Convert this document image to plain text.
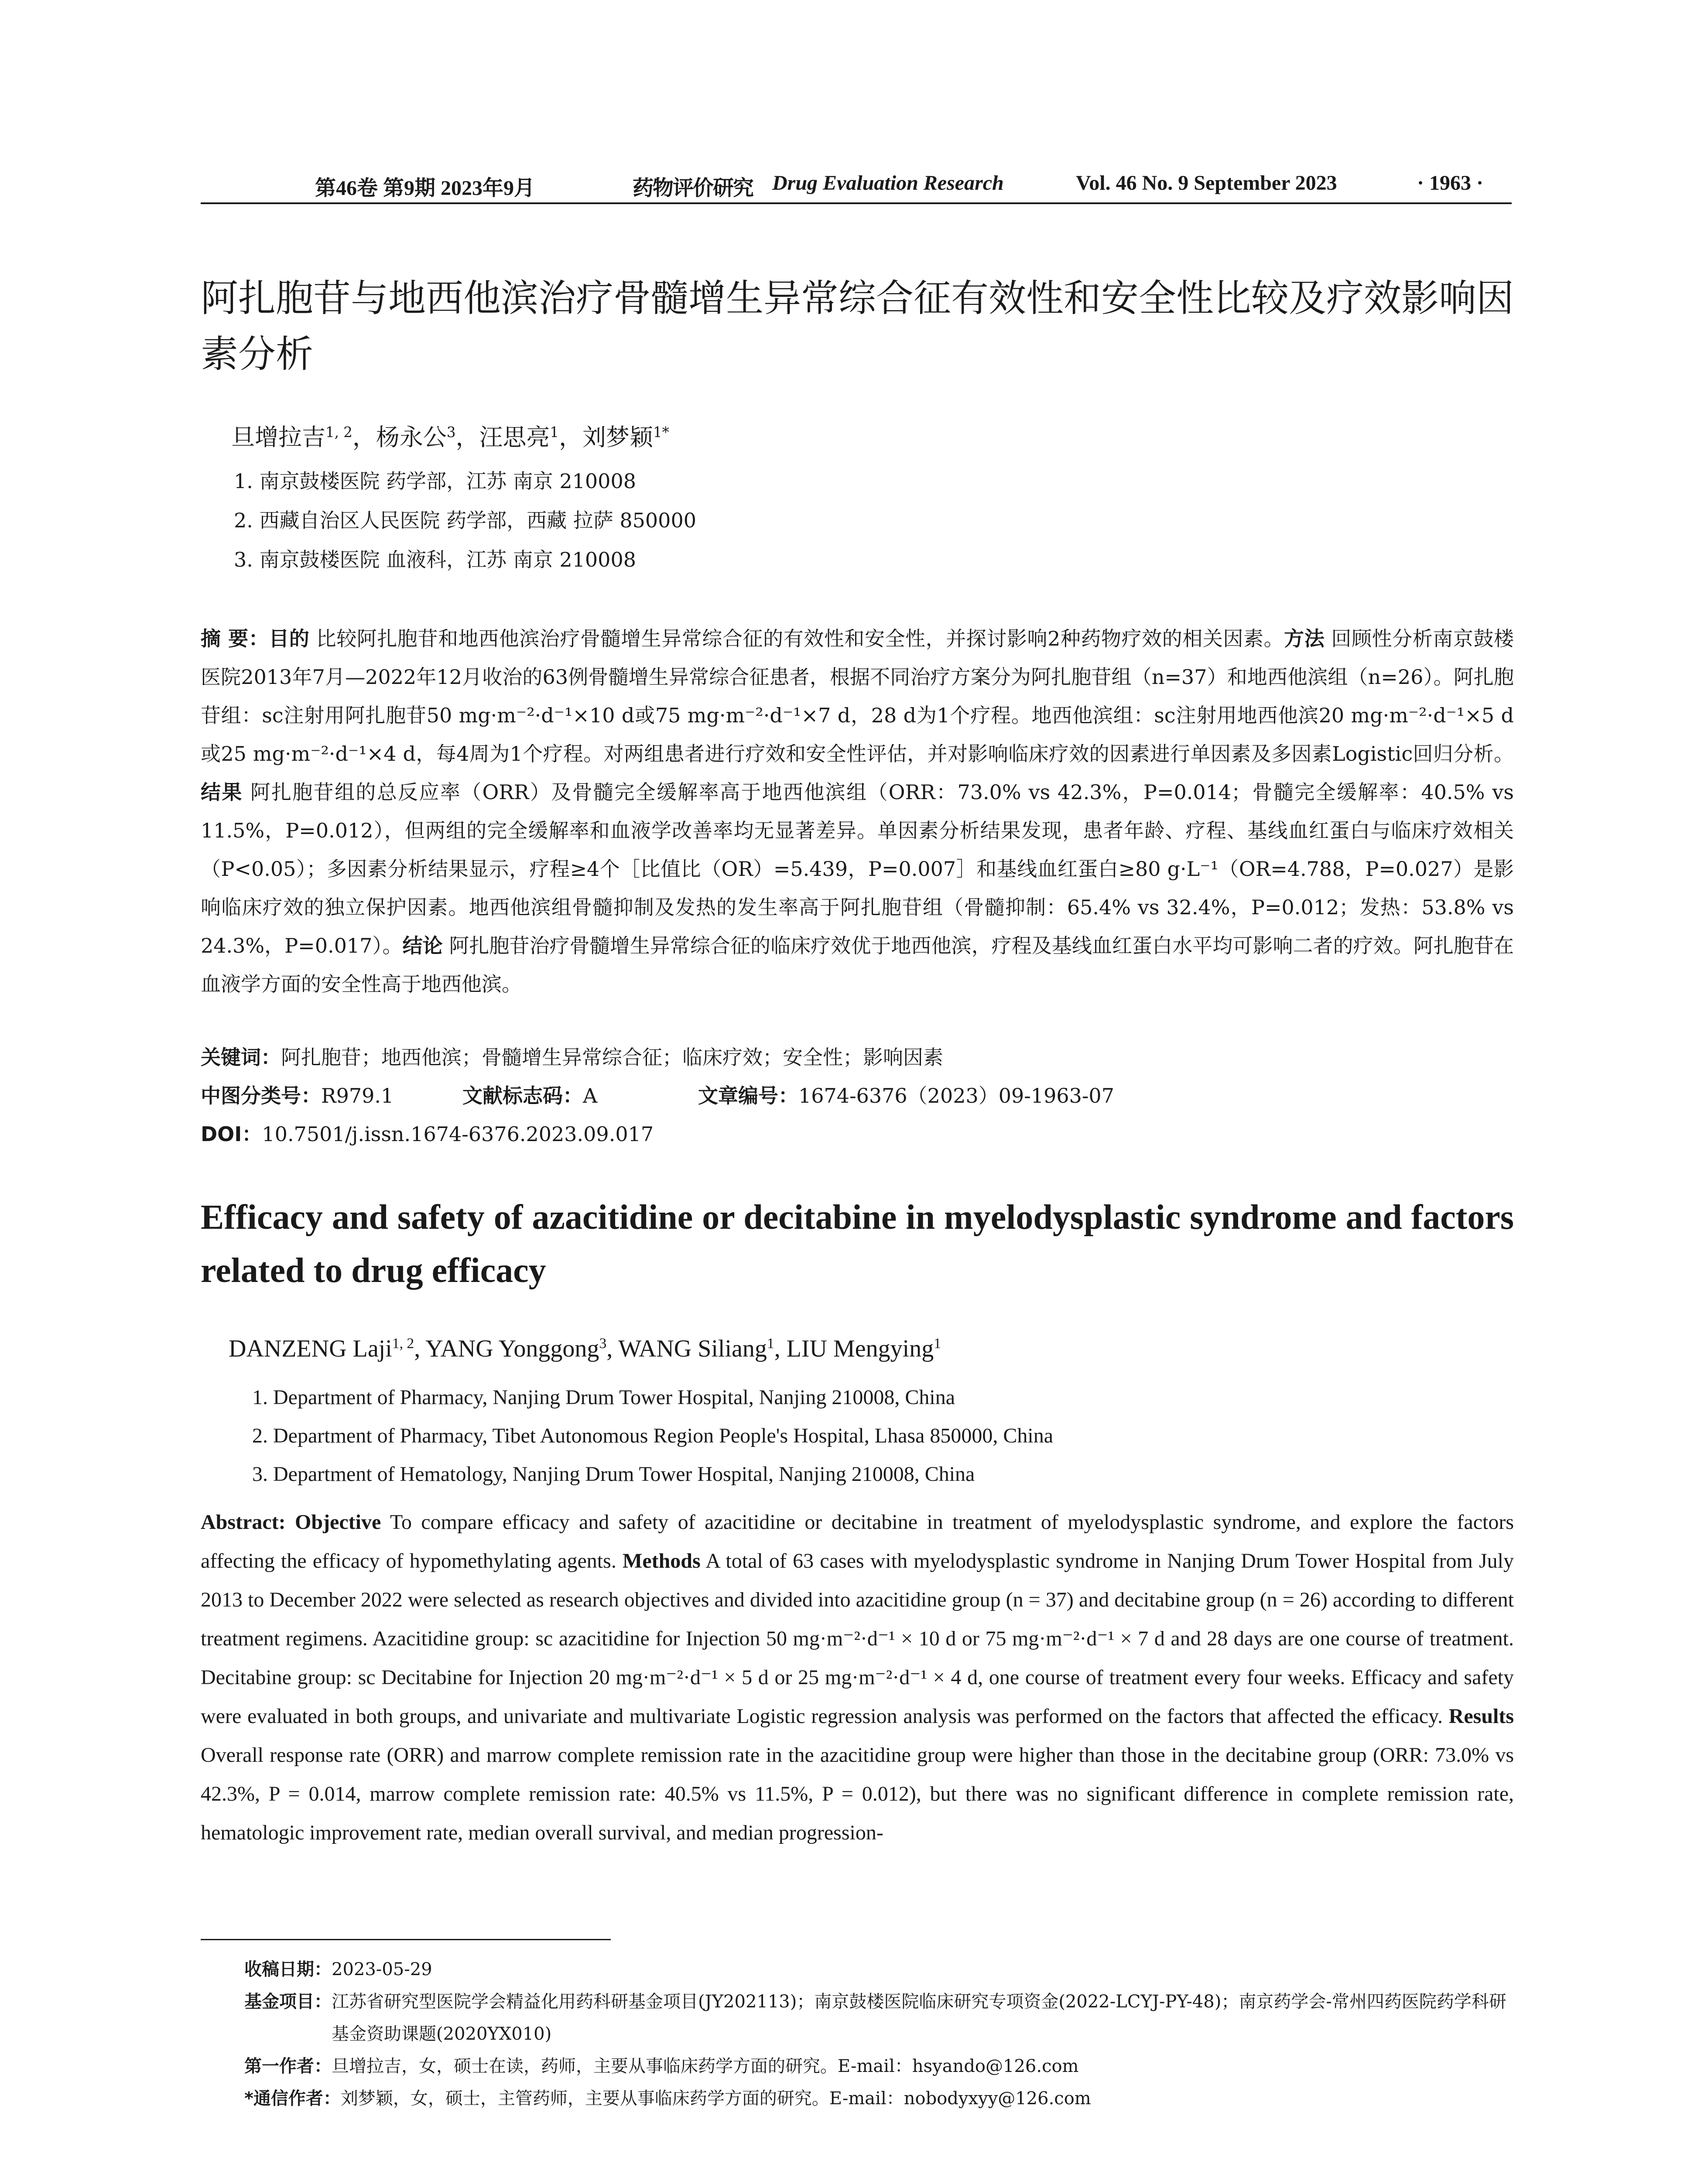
第46卷 第9期 2023年9月	药物评价研究 Drug Evaluation Research	Vol. 46 No. 9 September 2023	· 1963 ·
阿扎胞苷与地西他滨治疗骨髓增生异常综合征有效性和安全性比较及疗效影响因素分析
旦增拉吉$^{1, 2}$，杨永公$^3$，汪思亮$^1$，刘梦颖$^{1*}$
1. 南京鼓楼医院 药学部，江苏 南京 210008
2. 西藏自治区人民医院 药学部，西藏 拉萨 850000
3. 南京鼓楼医院 血液科，江苏 南京 210008
摘 要：目的 比较阿扎胞苷和地西他滨治疗骨髓增生异常综合征的有效性和安全性，并探讨影响2种药物疗效的相关因素。方法 回顾性分析南京鼓楼医院2013年7月—2022年12月收治的63例骨髓增生异常综合征患者，根据不同治疗方案分为阿扎胞苷组（n=37）和地西他滨组（n=26）。阿扎胞苷组：sc注射用阿扎胞苷50 mg·m⁻²·d⁻¹×10 d或75 mg·m⁻²·d⁻¹×7 d，28 d为1个疗程。地西他滨组：sc注射用地西他滨20 mg·m⁻²·d⁻¹×5 d或25 mg·m⁻²·d⁻¹×4 d，每4周为1个疗程。对两组患者进行疗效和安全性评估，并对影响临床疗效的因素进行单因素及多因素Logistic回归分析。结果 阿扎胞苷组的总反应率（ORR）及骨髓完全缓解率高于地西他滨组（ORR：73.0% vs 42.3%，P=0.014；骨髓完全缓解率：40.5% vs 11.5%，P=0.012），但两组的完全缓解率和血液学改善率均无显著差异。单因素分析结果发现，患者年龄、疗程、基线血红蛋白与临床疗效相关（P<0.05）；多因素分析结果显示，疗程≥4个［比值比（OR）=5.439，P=0.007］和基线血红蛋白≥80 g·L⁻¹（OR=4.788，P=0.027）是影响临床疗效的独立保护因素。地西他滨组骨髓抑制及发热的发生率高于阿扎胞苷组（骨髓抑制：65.4% vs 32.4%，P=0.012；发热：53.8% vs 24.3%，P=0.017）。结论 阿扎胞苷治疗骨髓增生异常综合征的临床疗效优于地西他滨，疗程及基线血红蛋白水平均可影响二者的疗效。阿扎胞苷在血液学方面的安全性高于地西他滨。
关键词：阿扎胞苷；地西他滨；骨髓增生异常综合征；临床疗效；安全性；影响因素
中图分类号：R979.1	文献标志码：A	文章编号：1674-6376（2023）09-1963-07
DOI：10.7501/j.issn.1674-6376.2023.09.017
Efficacy and safety of azacitidine or decitabine in myelodysplastic syndrome and factors related to drug efficacy
DANZENG Laji$^{1, 2}$, YANG Yonggong$^3$, WANG Siliang$^1$, LIU Mengying$^1$
1. Department of Pharmacy, Nanjing Drum Tower Hospital, Nanjing 210008, China
2. Department of Pharmacy, Tibet Autonomous Region People's Hospital, Lhasa 850000, China
3. Department of Hematology, Nanjing Drum Tower Hospital, Nanjing 210008, China
Abstract: Objective To compare efficacy and safety of azacitidine or decitabine in treatment of myelodysplastic syndrome, and explore the factors affecting the efficacy of hypomethylating agents. Methods A total of 63 cases with myelodysplastic syndrome in Nanjing Drum Tower Hospital from July 2013 to December 2022 were selected as research objectives and divided into azacitidine group (n = 37) and decitabine group (n = 26) according to different treatment regimens. Azacitidine group: sc azacitidine for Injection 50 mg·m⁻²·d⁻¹ × 10 d or 75 mg·m⁻²·d⁻¹ × 7 d and 28 days are one course of treatment. Decitabine group: sc Decitabine for Injection 20 mg·m⁻²·d⁻¹ × 5 d or 25 mg·m⁻²·d⁻¹ × 4 d, one course of treatment every four weeks. Efficacy and safety were evaluated in both groups, and univariate and multivariate Logistic regression analysis was performed on the factors that affected the efficacy. Results Overall response rate (ORR) and marrow complete remission rate in the azacitidine group were higher than those in the decitabine group (ORR: 73.0% vs 42.3%, P = 0.014, marrow complete remission rate: 40.5% vs 11.5%, P = 0.012), but there was no significant difference in complete remission rate, hematologic improvement rate, median overall survival, and median progression-
收稿日期： 2023-05-29
基金项目： 江苏省研究型医院学会精益化用药科研基金项目(JY202113)；南京鼓楼医院临床研究专项资金(2022-LCYJ-PY-48)；南京药学会-常州四药医院药学科研基金资助课题(2020YX010)
第一作者： 旦增拉吉，女，硕士在读，药师，主要从事临床药学方面的研究。E-mail：hsyando@126.com
*通信作者： 刘梦颖，女，硕士，主管药师，主要从事临床药学方面的研究。E-mail：nobodyxyy@126.com
